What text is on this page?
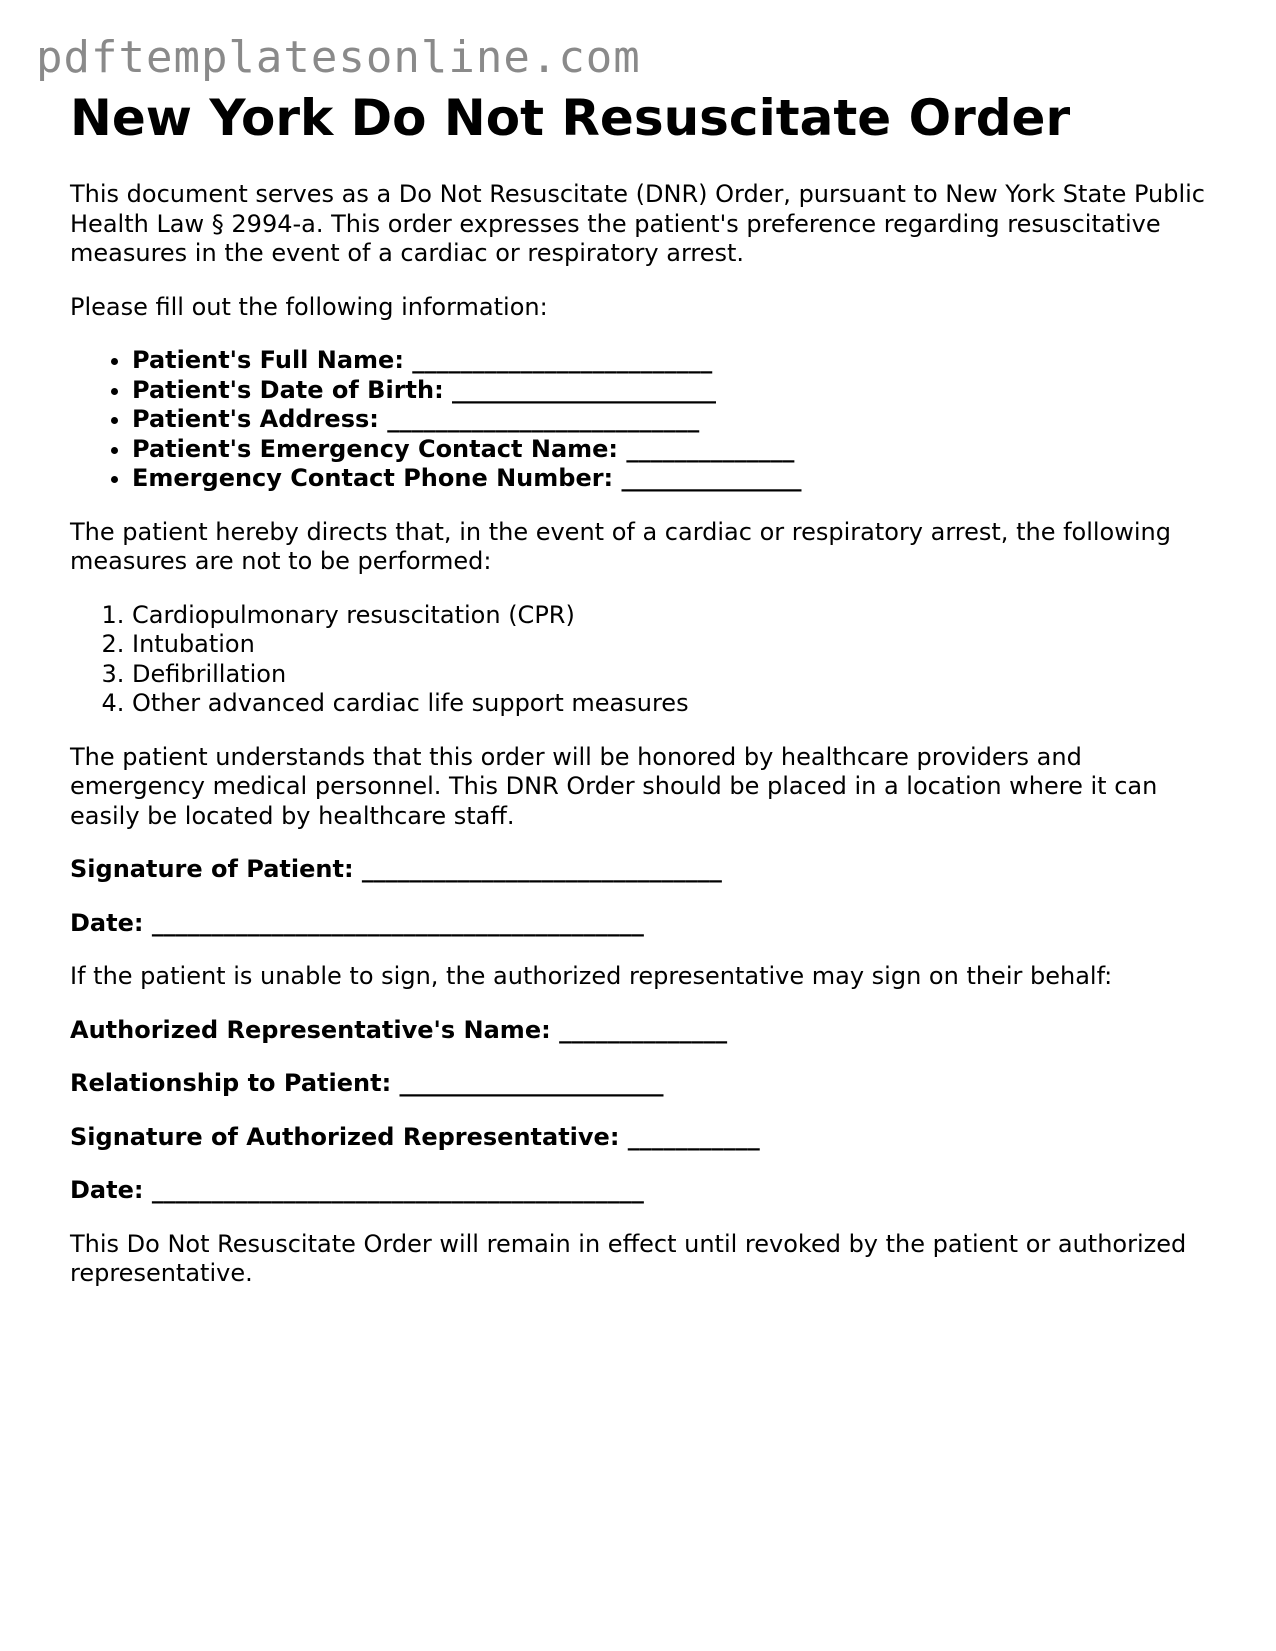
pdftemplatesonline.com
New York Do Not Resuscitate Order

This document serves as a Do Not Resuscitate (DNR) Order, pursuant to New York State Public Health Law § 2994-a. This order expresses the patient's preference regarding resuscitative measures in the event of a cardiac or respiratory arrest.

Please fill out the following information:

• Patient's Full Name: _________________________
• Patient's Date of Birth: ______________________
• Patient's Address: __________________________
• Patient's Emergency Contact Name: ______________
• Emergency Contact Phone Number: _______________

The patient hereby directs that, in the event of a cardiac or respiratory arrest, the following measures are not to be performed:

1. Cardiopulmonary resuscitation (CPR)
2. Intubation
3. Defibrillation
4. Other advanced cardiac life support measures

The patient understands that this order will be honored by healthcare providers and emergency medical personnel. This DNR Order should be placed in a location where it can easily be located by healthcare staff.

Signature of Patient: ______________________________

Date: _________________________________________

If the patient is unable to sign, the authorized representative may sign on their behalf:

Authorized Representative's Name: ______________

Relationship to Patient: ______________________

Signature of Authorized Representative: ___________

Date: _________________________________________

This Do Not Resuscitate Order will remain in effect until revoked by the patient or authorized representative.
